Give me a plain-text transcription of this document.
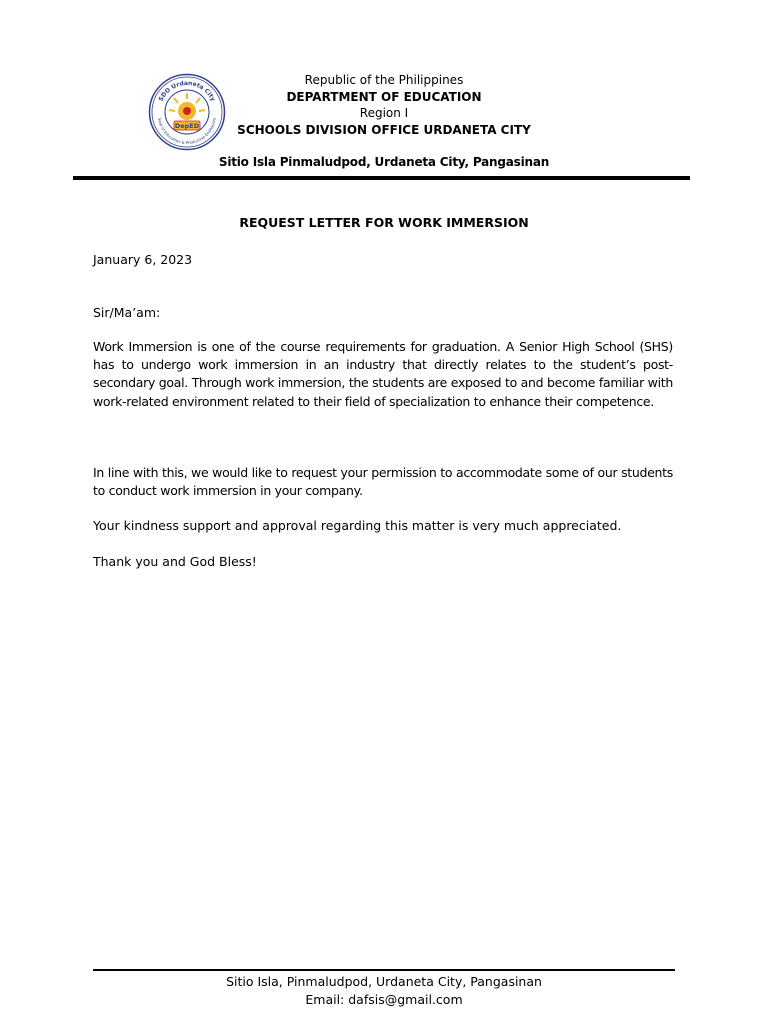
DepED
SDO Urdaneta City
Seat of Education & Productive Endeavors
Republic of the Philippines
DEPARTMENT OF EDUCATION
Region I
SCHOOLS DIVISION OFFICE URDANETA CITY
Sitio Isla Pinmaludpod, Urdaneta City, Pangasinan
REQUEST LETTER FOR WORK IMMERSION
January 6, 2023
Sir/Ma’am:
Work Immersion is one of the course requirements for graduation. A Senior High School (SHS) has to undergo work immersion in an industry that directly relates to the student’s post-secondary goal. Through work immersion, the students are exposed to and become familiar with work-related environment related to their field of specialization to enhance their competence.
In line with this, we would like to request your permission to accommodate some of our students to conduct work immersion in your company.
Your kindness support and approval regarding this matter is very much appreciated.
Thank you and God Bless!
Sitio Isla, Pinmaludpod, Urdaneta City, Pangasinan
Email: dafsis@gmail.com
